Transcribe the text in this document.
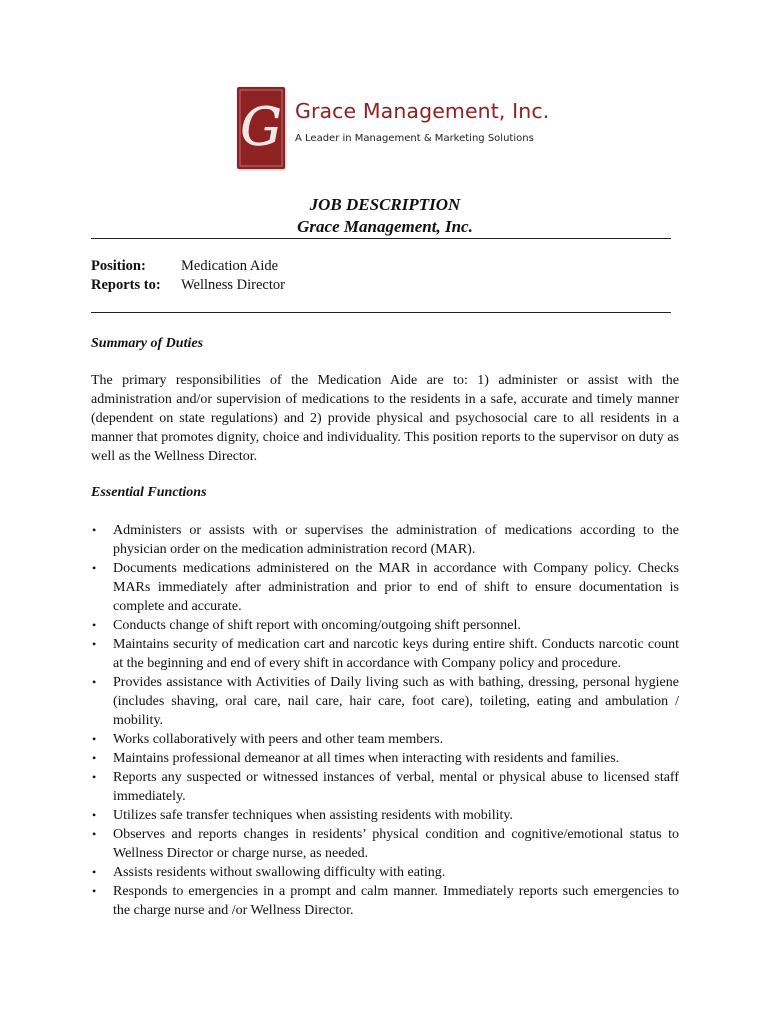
G Grace Management, Inc.
A Leader in Management & Marketing Solutions
JOB DESCRIPTION
Grace Management, Inc.
Position: Medication Aide
Reports to: Wellness Director
Summary of Duties

The primary responsibilities of the Medication Aide are to: 1) administer or assist with the administration and/or supervision of medications to the residents in a safe, accurate and timely manner (dependent on state regulations) and 2) provide physical and psychosocial care to all residents in a manner that promotes dignity, choice and individuality. This position reports to the supervisor on duty as well as the Wellness Director.

Essential Functions
• Administers or assists with or supervises the administration of medications according to the physician order on the medication administration record (MAR).
• Documents medications administered on the MAR in accordance with Company policy. Checks MARs immediately after administration and prior to end of shift to ensure documentation is complete and accurate.
• Conducts change of shift report with oncoming/outgoing shift personnel.
• Maintains security of medication cart and narcotic keys during entire shift. Conducts narcotic count at the beginning and end of every shift in accordance with Company policy and procedure.
• Provides assistance with Activities of Daily living such as with bathing, dressing, personal hygiene (includes shaving, oral care, nail care, hair care, foot care), toileting, eating and ambulation / mobility.
• Works collaboratively with peers and other team members.
• Maintains professional demeanor at all times when interacting with residents and families.
• Reports any suspected or witnessed instances of verbal, mental or physical abuse to licensed staff immediately.
• Utilizes safe transfer techniques when assisting residents with mobility.
• Observes and reports changes in residents’ physical condition and cognitive/emotional status to Wellness Director or charge nurse, as needed.
• Assists residents without swallowing difficulty with eating.
• Responds to emergencies in a prompt and calm manner. Immediately reports such emergencies to the charge nurse and /or Wellness Director.
